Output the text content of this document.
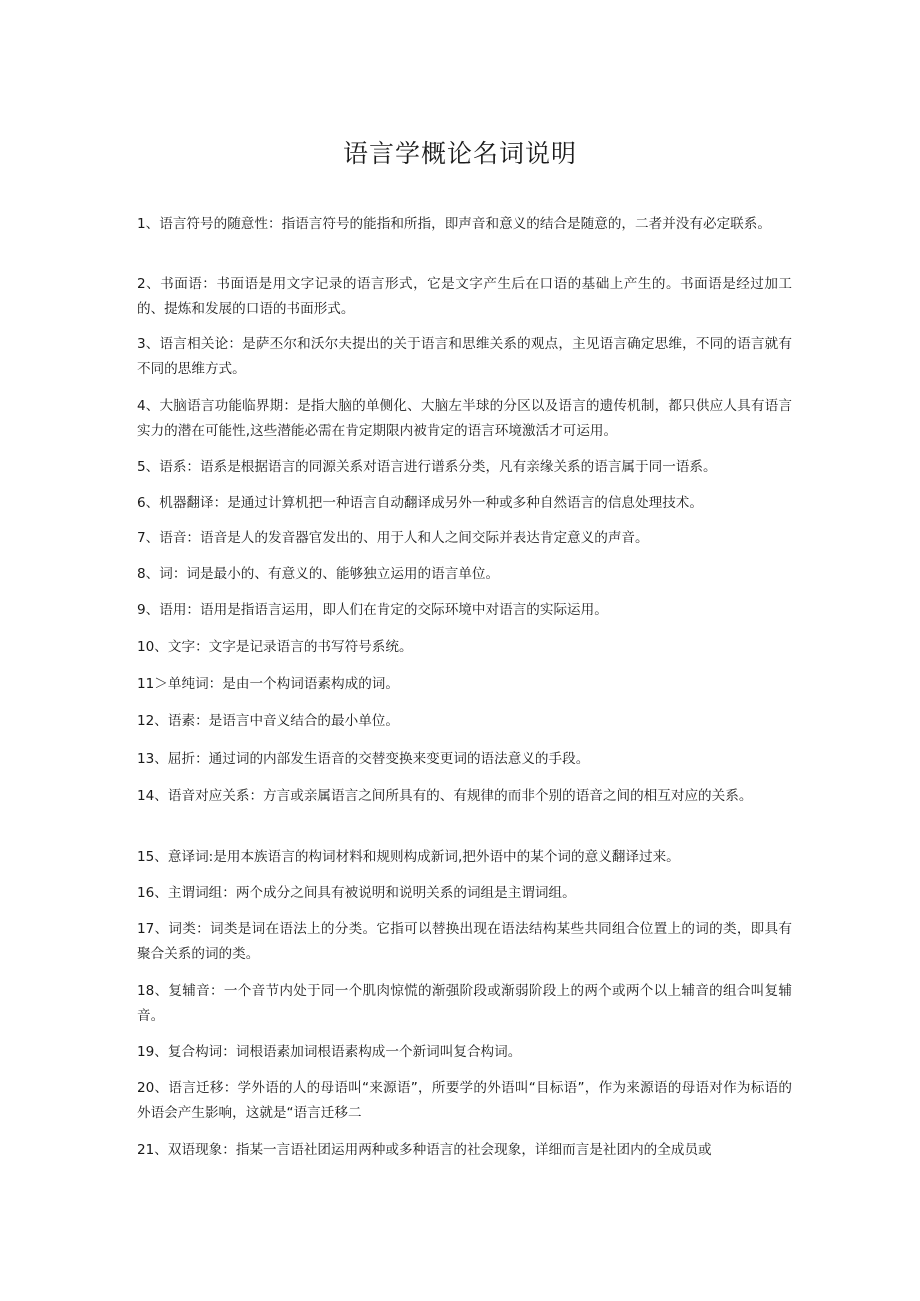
语言学概论名词说明

1、语言符号的随意性：指语言符号的能指和所指，即声音和意义的结合是随意的，二者并没有必定联系。

2、书面语：书面语是用文字记录的语言形式，它是文字产生后在口语的基础上产生的。书面语是经过加工的、提炼和发展的口语的书面形式。

3、语言相关论：是萨丕尔和沃尔夫提出的关于语言和思维关系的观点，主见语言确定思维，不同的语言就有不同的思维方式。

4、大脑语言功能临界期：是指大脑的单侧化、大脑左半球的分区以及语言的遗传机制，都只供应人具有语言实力的潜在可能性,这些潜能必需在肯定期限内被肯定的语言环境激活才可运用。

5、语系：语系是根据语言的同源关系对语言进行谱系分类，凡有亲缘关系的语言属于同一语系。

6、机器翻译：是通过计算机把一种语言自动翻译成另外一种或多种自然语言的信息处理技术。

7、语音：语音是人的发音器官发出的、用于人和人之间交际并表达肯定意义的声音。

8、词：词是最小的、有意义的、能够独立运用的语言单位。

9、语用：语用是指语言运用，即人们在肯定的交际环境中对语言的实际运用。

10、文字：文字是记录语言的书写符号系统。

11＞单纯词：是由一个构词语素构成的词。

12、语素：是语言中音义结合的最小单位。

13、屈折：通过词的内部发生语音的交替变换来变更词的语法意义的手段。

14、语音对应关系：方言或亲属语言之间所具有的、有规律的而非个别的语音之间的相互对应的关系。

15、意译词:是用本族语言的构词材料和规则构成新词,把外语中的某个词的意义翻译过来。

16、主谓词组：两个成分之间具有被说明和说明关系的词组是主谓词组。

17、词类：词类是词在语法上的分类。它指可以替换出现在语法结构某些共同组合位置上的词的类，即具有聚合关系的词的类。

18、复辅音：一个音节内处于同一个肌肉惊慌的渐强阶段或渐弱阶段上的两个或两个以上辅音的组合叫复辅音。

19、复合构词：词根语素加词根语素构成一个新词叫复合构词。

20、语言迁移：学外语的人的母语叫“来源语”，所要学的外语叫“目标语”，作为来源语的母语对作为标语的外语会产生影响，这就是“语言迁移二

21、双语现象：指某一言语社团运用两种或多种语言的社会现象，详细而言是社团内的全成员或
